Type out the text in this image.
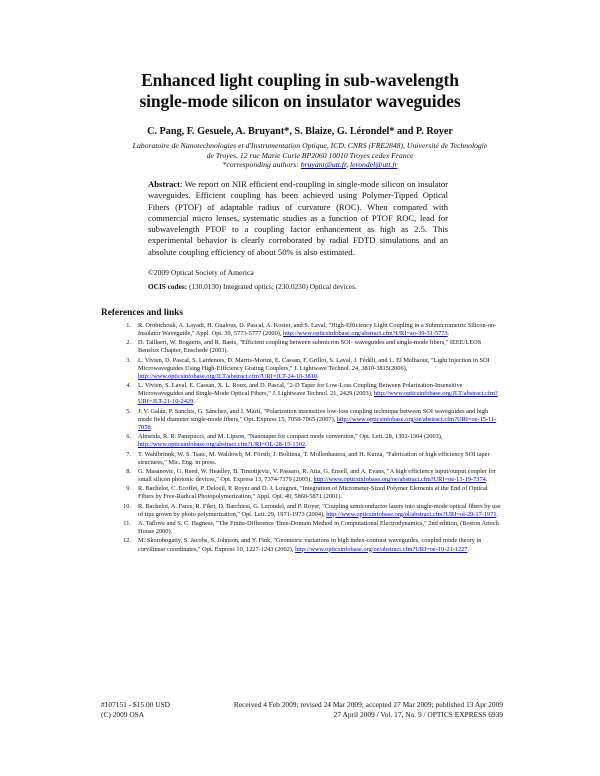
Enhanced light coupling in sub-wavelength
single-mode silicon on insulator waveguides
C. Pang, F. Gesuele, A. Bruyant*, S. Blaize, G. Lérondel* and P. Royer
Laboratoire de Nanotechnologies et d'Instrumentation Optique, ICD, CNRS (FRE2848), Université de Technologie
de Troyes, 12 rue Marie Curie BP2060 10010 Troyes cedex France
*corresponding authors: bruyant@utt.fr, lerondel@utt.fr
Abstract: We report on NIR efficient end-coupling in single-mode silicon on insulator waveguides. Efficient coupling has been achieved using Polymer-Tipped Optical Fibers (PTOF) of adaptable radius of curvature (ROC). When compared with commercial micro lenses, systematic studies as a function of PTOF ROC, lead for subwavelength PTOF to a coupling factor enhancement as high as 2.5. This experimental behavior is clearly corroborated by radial FDTD simulations and an absolute coupling efficiency of about 50% is also estimated.
©2009 Optical Society of America
OCIS codes: (130.0130) Integrated optics; (230.0230) Optical devices.
References and links
1. R. Orobtchouk, A. Layadi, H. Gualous, D. Pascal, A. Koster, and S. Laval, "High-Efficiency Light Coupling in a Submicrometric Silicon-on-Insulator Waveguide," Appl. Opt. 39, 5773-5777 (2000), http://www.opticsinfobase.org/abstract.cfm?URI=ao-39-31-5773.
2. D. Taillaert, W. Bogaerts, and R. Baets, "Efficient coupling between submicron SOI- waveguides and single-mode fibers," IEEE/LEOS Benelux Chapter, Enschede (2003).
3. L. Vivien, D. Pascal, S. Lardenois, D. Marris-Morini, E. Cassan, F. Grillot, S. Laval, J. Fédéli, and L. El Melhaoui, "Light Injection in SOI Microwaveguides Using High-Efficiency Grating Couplers," J. Lightwave Technol. 24, 3810-3815(2006), http://www.opticsinfobase.org/JLT/abstract.cfm?URI=JLT-24-10-3810.
4. L. Vivien, S. Laval, E. Cassan, X. L. Roux, and D. Pascal, "2-D Taper for Low-Loss Coupling Between Polarization-Insensitive Microwaveguides and Single-Mode Optical Fibers," J. Lightwave Technol. 21, 2429 (2003), http://www.opticsinfobase.org/JLT/abstract.cfm?URI=JLT-21-10-2429.
5. J. V. Galán, P. Sanchis, G. Sánchez, and J. Martí, "Polarization insensitive low-loss coupling technique between SOI waveguides and high mode field diameter single-mode fibers," Opt. Express 15, 7058-7065 (2007), http://www.opticsinfobase.org/oe/abstract.cfm?URI=oe-15-11-7058.
6. Almeida, R. R. Panepucci, and M. Lipson, "Nanotaper for compact mode conversion," Opt. Lett. 28, 1302-1304 (2003), http://www.opticsinfobase.org/abstract.cfm?URI=OL-28-15-1302.
7. T. Wahlbrinnk, W. S. Tsaic, M. Waldowb, M. Förstb, J. Bolitena, T. Mollenhauera, and H. Kurza, "Fabrication of high efficiency SOI taper structures," Mic. Eng. in press.
8. G. Masanovic, G. Reed, W. Headley, B. Timotijevic, V. Passaro, R. Atta, G. Ensell, and A. Evans, "A high efficiency input/output coupler for small silicon photonic devices," Opt. Express 13, 7374-7379 (2005), http://www.opticsinfobase.org/oe/abstract.cfm?URI=oe-13-19-7374.
9. R. Bachelot, C. Ecoffet, P. Deloeil, P. Royer and D. J. Lougnot, "Integration of Micrometer-Sized Polymer Elements at the End of Optical Fibers by Free-Radical Photopolymerization," Appl. Opt. 40, 5860-5871 (2001).
10. R. Bachelot, A. Fares, R. Fikri, D. Barchiesi, G. Lerondel, and P. Royer, "Coupling semiconductor lasers into single-mode optical fibers by use of tips grown by photo polymerization," Opt. Lett. 29, 1971-1973 (2004), http://www.opticsinfobase.org/ol/abstract.cfm?URI=ol-29-17-1971.
11. A. Taflove and S. C. Hagness, "The Finite-Difference Time-Domain Method in Computational Electrodynamics," 2nd edition, (Boston Artech House 2000).
12. M. Skorobogatiy, S. Jacobs, S. Johnson, and Y. Fink, "Geometric variations in high index-contrast waveguides, coupled mode theory in curvilinear coordinates," Opt. Express 10, 1227-1243 (2002), http://www.opticsinfobase.org/oe/abstract.cfm?URI=oe-10-21-1227.
#107151 - $15.00 USD	Received 4 Feb 2009; revised 24 Mar 2009; accepted 27 Mar 2009; published 13 Apr 2009
(C) 2009 OSA	27 April 2009 / Vol. 17, No. 9 / OPTICS EXPRESS 6939
